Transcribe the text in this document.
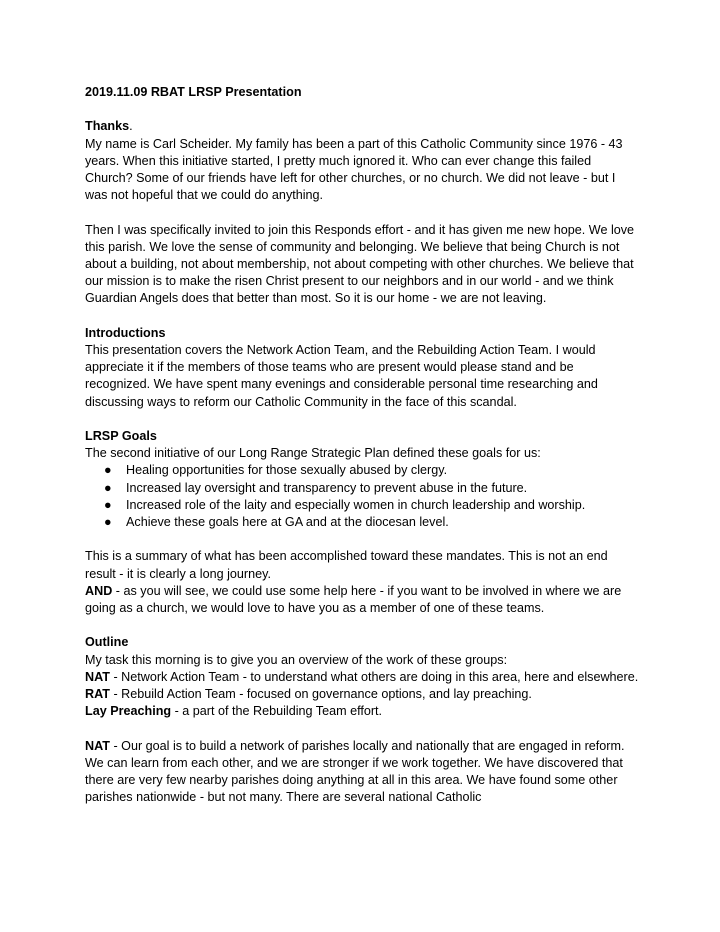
2019.11.09 RBAT LRSP Presentation

Thanks.

My name is Carl Scheider. My family has been a part of this Catholic Community since 1976 - 43 years. When this initiative started, I pretty much ignored it. Who can ever change this failed Church? Some of our friends have left for other churches, or no church. We did not leave - but I was not hopeful that we could do anything.

Then I was specifically invited to join this Responds effort - and it has given me new hope. We love this parish. We love the sense of community and belonging. We believe that being Church is not about a building, not about membership, not about competing with other churches. We believe that our mission is to make the risen Christ present to our neighbors and in our world - and we think Guardian Angels does that better than most. So it is our home - we are not leaving.

Introductions

This presentation covers the Network Action Team, and the Rebuilding Action Team. I would appreciate it if the members of those teams who are present would please stand and be recognized. We have spent many evenings and considerable personal time researching and discussing ways to reform our Catholic Community in the face of this scandal.

LRSP Goals

The second initiative of our Long Range Strategic Plan defined these goals for us:

● Healing opportunities for those sexually abused by clergy.
● Increased lay oversight and transparency to prevent abuse in the future.
● Increased role of the laity and especially women in church leadership and worship.
● Achieve these goals here at GA and at the diocesan level.

This is a summary of what has been accomplished toward these mandates. This is not an end result - it is clearly a long journey.

AND - as you will see, we could use some help here - if you want to be involved in where we are going as a church, we would love to have you as a member of one of these teams.

Outline

My task this morning is to give you an overview of the work of these groups:

NAT - Network Action Team - to understand what others are doing in this area, here and elsewhere.

RAT - Rebuild Action Team - focused on governance options, and lay preaching.

Lay Preaching - a part of the Rebuilding Team effort.

NAT - Our goal is to build a network of parishes locally and nationally that are engaged in reform. We can learn from each other, and we are stronger if we work together. We have discovered that there are very few nearby parishes doing anything at all in this area. We have found some other parishes nationwide - but not many. There are several national Catholic
